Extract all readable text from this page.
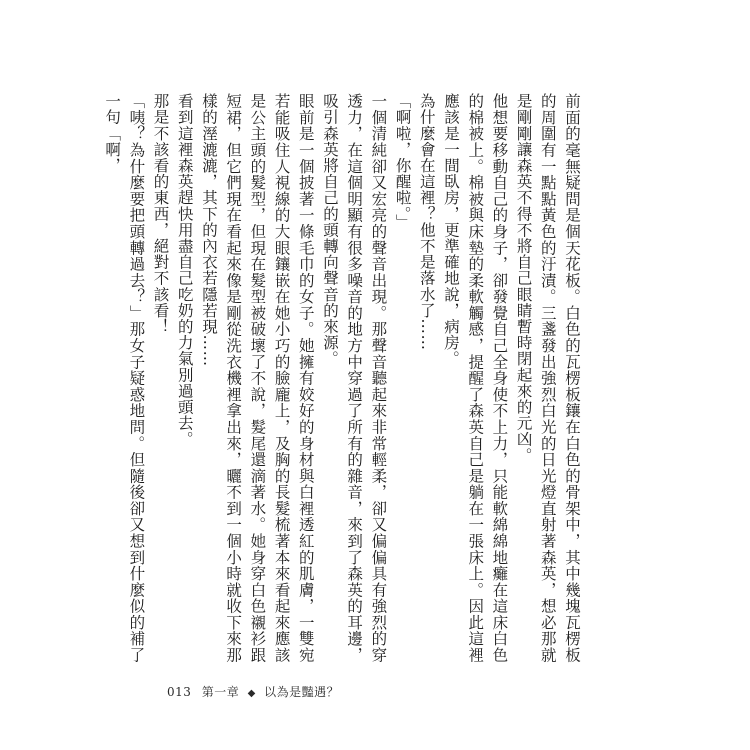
前面的毫無疑問是個天花板。白色的瓦楞板鑲在白色的骨架中，其中幾塊瓦楞板的周圍有一點點黃色的汙漬。三盞發出強烈白光的日光燈直射著森英，想必那就是剛剛讓森英不得不將自己眼睛暫時閉起來的元凶。

他想要移動自己的身子，卻發覺自己全身使不上力，只能軟綿綿地癱在這床白色的棉被上。棉被與床墊的柔軟觸感，提醒了森英自己是躺在一張床上。因此這裡應該是一間臥房，更準確地說，病房。

為什麼會在這裡？他不是落水了……

「啊啦，你醒啦。」

一個清純卻又宏亮的聲音出現。那聲音聽起來非常輕柔，卻又偏偏具有強烈的穿透力，在這個明顯有很多噪音的地方中穿過了所有的雜音，來到了森英的耳邊，吸引森英將自己的頭轉向聲音的來源。

眼前是一個披著一條毛巾的女子。她擁有姣好的身材與白裡透紅的肌膚，一雙宛若能吸住人視線的大眼鑲嵌在她小巧的臉龐上，及胸的長髮梳著本來看起來應該是公主頭的髮型，但現在髮型被破壞了不說，髮尾還滴著水。她身穿白色襯衫跟短裙，但它們現在看起來像是剛從洗衣機裡拿出來，曬不到一個小時就收下來那樣的溼漉漉，其下的內衣若隱若現……

看到這裡森英趕快用盡自己吃奶的力氣別過頭去。

那是不該看的東西，絕對不該看！

「咦？為什麼要把頭轉過去？」那女子疑惑地問。但隨後卻又想到什麼似的補了一句「啊，

013 第一章 ◆ 以為是豔遇？
